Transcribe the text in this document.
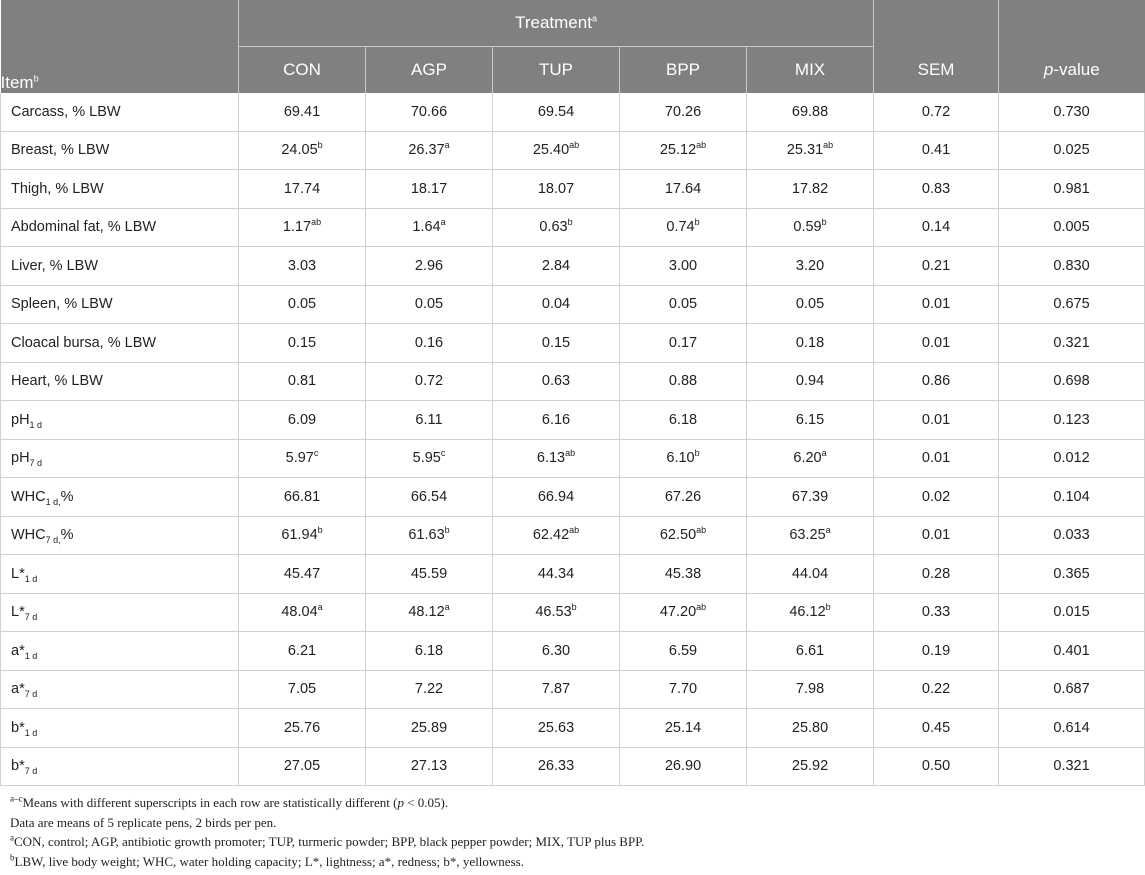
Item$^b$	Treatment$^a$					SEM	p-value
	CON	AGP	TUP	BPP	MIX		
Carcass, % LBW	69.41	70.66	69.54	70.26	69.88	0.72	0.730
Breast, % LBW	24.05$^b$	26.37$^a$	25.40$^{ab}$	25.12$^{ab}$	25.31$^{ab}$	0.41	0.025
Thigh, % LBW	17.74	18.17	18.07	17.64	17.82	0.83	0.981
Abdominal fat, % LBW	1.17$^{ab}$	1.64$^a$	0.63$^b$	0.74$^b$	0.59$^b$	0.14	0.005
Liver, % LBW	3.03	2.96	2.84	3.00	3.20	0.21	0.830
Spleen, % LBW	0.05	0.05	0.04	0.05	0.05	0.01	0.675
Cloacal bursa, % LBW	0.15	0.16	0.15	0.17	0.18	0.01	0.321
Heart, % LBW	0.81	0.72	0.63	0.88	0.94	0.86	0.698
$pH_{1 d}$	6.09	6.11	6.16	6.18	6.15	0.01	0.123
$pH_{7 d}$	5.97$^c$	5.95$^c$	6.13$^{ab}$	6.10$^b$	6.20$^a$	0.01	0.012
$WHC_{1 d,}\%$	66.81	66.54	66.94	67.26	67.39	0.02	0.104
$WHC_{7 d,}\%$	61.94$^b$	61.63$^b$	62.42$^{ab}$	62.50$^{ab}$	63.25$^a$	0.01	0.033
$L*_{1 d}$	45.47	45.59	44.34	45.38	44.04	0.28	0.365
$L*_{7 d}$	48.04$^a$	48.12$^a$	46.53$^b$	47.20$^{ab}$	46.12$^b$	0.33	0.015
$a*_{1 d}$	6.21	6.18	6.30	6.59	6.61	0.19	0.401
$a*_{7 d}$	7.05	7.22	7.87	7.70	7.98	0.22	0.687
$b*_{1 d}$	25.76	25.89	25.63	25.14	25.80	0.45	0.614
$b*_{7 d}$	27.05	27.13	26.33	26.90	25.92	0.50	0.321
$^{a-c}$Means with different superscripts in each row are statistically different (p < 0.05).
Data are means of 5 replicate pens, 2 birds per pen.
$^a$CON, control; AGP, antibiotic growth promoter; TUP, turmeric powder; BPP, black pepper powder; MIX, TUP plus BPP.
$^b$LBW, live body weight; WHC, water holding capacity; L*, lightness; a*, redness; b*, yellowness.
